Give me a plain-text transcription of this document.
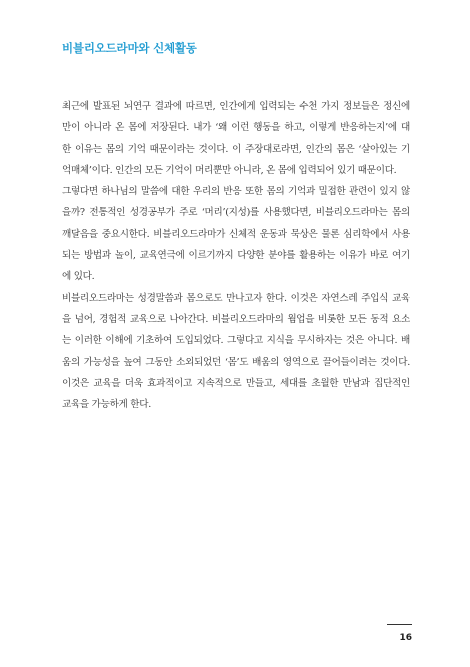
비블리오드라마와 신체활동
최근에 발표된 뇌연구 결과에 따르면, 인간에게 입력되는 수천 가지 정보들은 정신에
만이 아니라 온 몸에 저장된다. 내가 ‘왜 이런 행동을 하고, 이렇게 반응하는지’에 대
한 이유는 몸의 기억 때문이라는 것이다. 이 주장대로라면, 인간의 몸은 ‘살아있는 기
억매체’이다. 인간의 모든 기억이 머리뿐만 아니라, 온 몸에 입력되어 있기 때문이다.
그렇다면 하나님의 말씀에 대한 우리의 반응 또한 몸의 기억과 밀접한 관련이 있지 않
을까? 전통적인 성경공부가 주로 ‘머리’(지성)를 사용했다면, 비블리오드라마는 몸의
깨달음을 중요시한다. 비블리오드라마가 신체적 운동과 묵상은 물론 심리학에서 사용
되는 방법과 놀이, 교육연극에 이르기까지 다양한 분야를 활용하는 이유가 바로 여기
에 있다.
비블리오드라마는 성경말씀과 몸으로도 만나고자 한다. 이것은 자연스레 주입식 교육
을 넘어, 경험적 교육으로 나아간다. 비블리오드라마의 웜업을 비롯한 모든 동적 요소
는 이러한 이해에 기초하여 도입되었다. 그렇다고 지식을 무시하자는 것은 아니다. 배
움의 가능성을 높여 그동안 소외되었던 ‘몸’도 배움의 영역으로 끌어들이려는 것이다.
이것은 교육을 더욱 효과적이고 지속적으로 만들고, 세대를 초월한 만남과 집단적인
교육을 가능하게 한다.
16
